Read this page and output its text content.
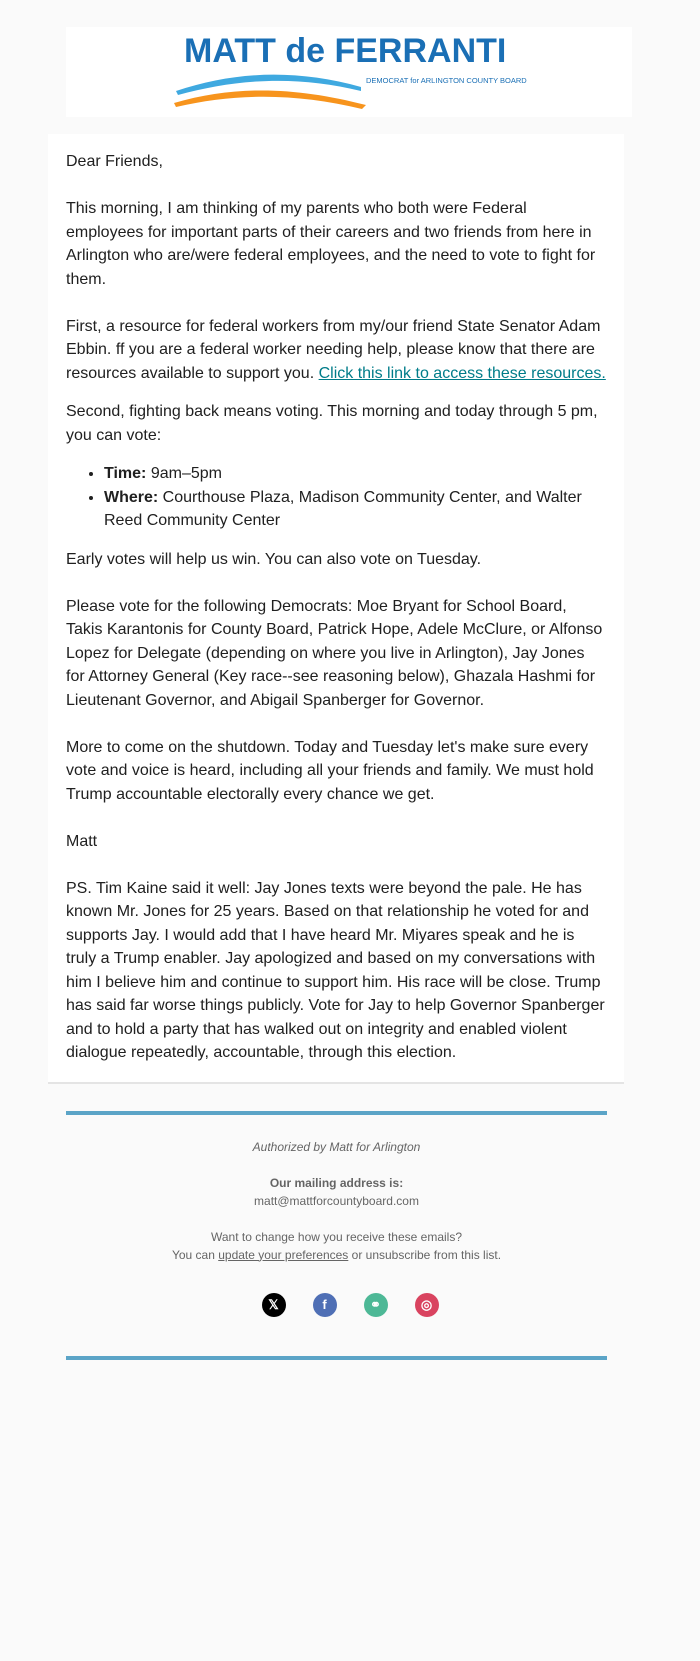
MATT de FERRANTI
DEMOCRAT for ARLINGTON COUNTY BOARD

Dear Friends,

This morning, I am thinking of my parents who both were Federal employees for important parts of their careers and two friends from here in Arlington who are/were federal employees, and the need to vote to fight for them.

First, a resource for federal workers from my/our friend State Senator Adam Ebbin. ff you are a federal worker needing help, please know that there are resources available to support you. Click this link to access these resources.

Second, fighting back means voting. This morning and today through 5 pm, you can vote:

• Time: 9am–5pm
• Where: Courthouse Plaza, Madison Community Center, and Walter Reed Community Center

Early votes will help us win. You can also vote on Tuesday.

Please vote for the following Democrats: Moe Bryant for School Board, Takis Karantonis for County Board, Patrick Hope, Adele McClure, or Alfonso Lopez for Delegate (depending on where you live in Arlington), Jay Jones for Attorney General (Key race--see reasoning below), Ghazala Hashmi for Lieutenant Governor, and Abigail Spanberger for Governor.

More to come on the shutdown. Today and Tuesday let's make sure every vote and voice is heard, including all your friends and family. We must hold Trump accountable electorally every chance we get.

Matt

PS. Tim Kaine said it well: Jay Jones texts were beyond the pale. He has known Mr. Jones for 25 years. Based on that relationship he voted for and supports Jay. I would add that I have heard Mr. Miyares speak and he is truly a Trump enabler. Jay apologized and based on my conversations with him I believe him and continue to support him. His race will be close. Trump has said far worse things publicly. Vote for Jay to help Governor Spanberger and to hold a party that has walked out on integrity and enabled violent dialogue repeatedly, accountable, through this election.

Authorized by Matt for Arlington

Our mailing address is:

matt@mattforcountyboard.com

Want to change how you receive these emails?

You can update your preferences or unsubscribe from this list.

𝕏	f	⚭	◎
